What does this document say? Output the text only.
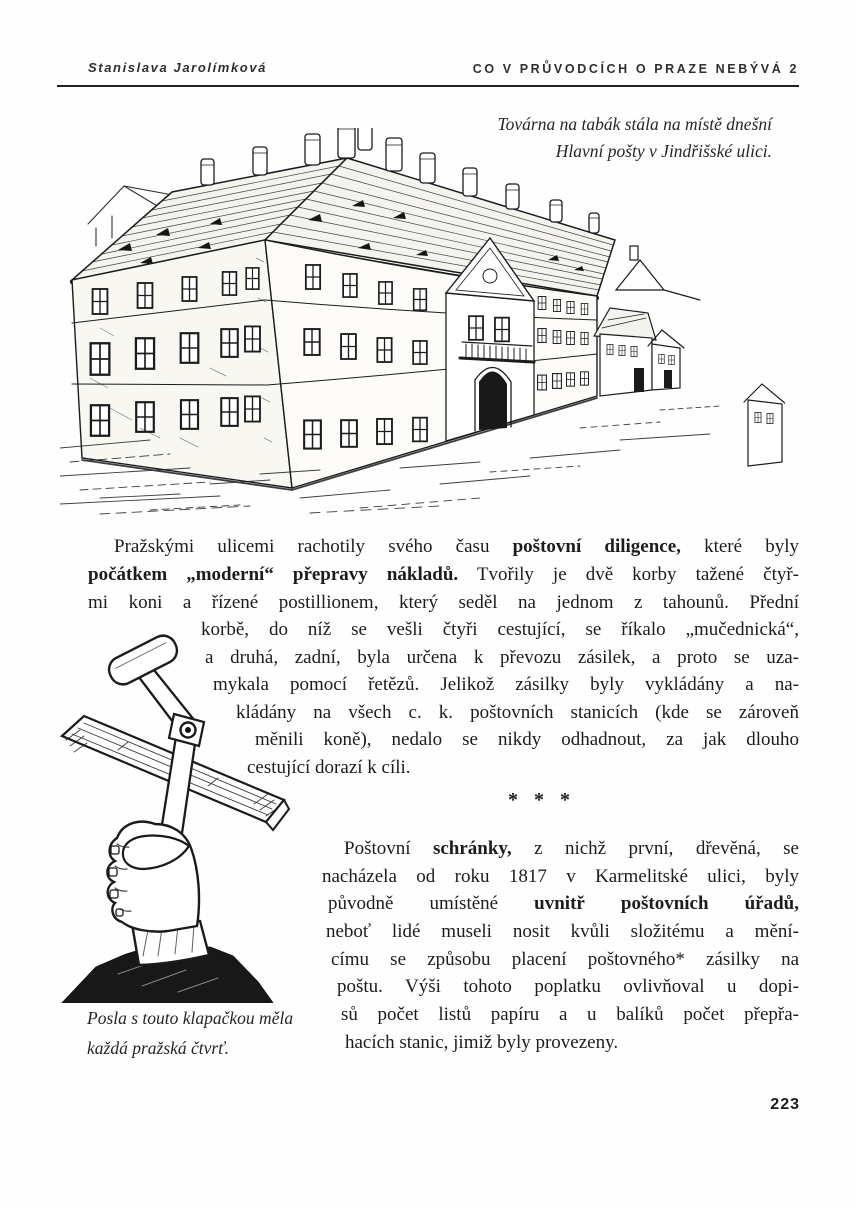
Stanislava Jarolímková	CO V PRŮVODCÍCH O PRAZE NEBÝVÁ 2
Továrna na tabák stála na místě dnešní
Hlavní pošty v Jindřišské ulici.
Pražskými ulicemi rachotily svého času poštovní diligence, které byly
počátkem „moderní“ přepravy nákladů. Tvořily je dvě korby tažené čtyř-
mi koni a řízené postillionem, který seděl na jednom z tahounů. Přední
korbě, do níž se vešli čtyři cestující, se říkalo „mučednická“,
a druhá, zadní, byla určena k převozu zásilek, a proto se uza-
mykala pomocí řetězů. Jelikož zásilky byly vykládány a na-
kládány na všech c. k. poštovních stanicích (kde se zároveň
měnili koně), nedalo se nikdy odhadnout, za jak dlouho
cestující dorazí k cíli.
* * *
Poštovní schránky, z nichž první, dřevěná, se
nacházela od roku 1817 v Karmelitské ulici, byly
původně umístěné uvnitř poštovních úřadů,
neboť lidé museli nosit kvůli složitému a mění-
címu se způsobu placení poštovného* zásilky na
poštu. Výši tohoto poplatku ovlivňoval u dopi-
sů počet listů papíru a u balíků počet přepřa-
hacích stanic, jimiž byly provezeny.
Posla s touto klapačkou měla
každá pražská čtvrť.
223
